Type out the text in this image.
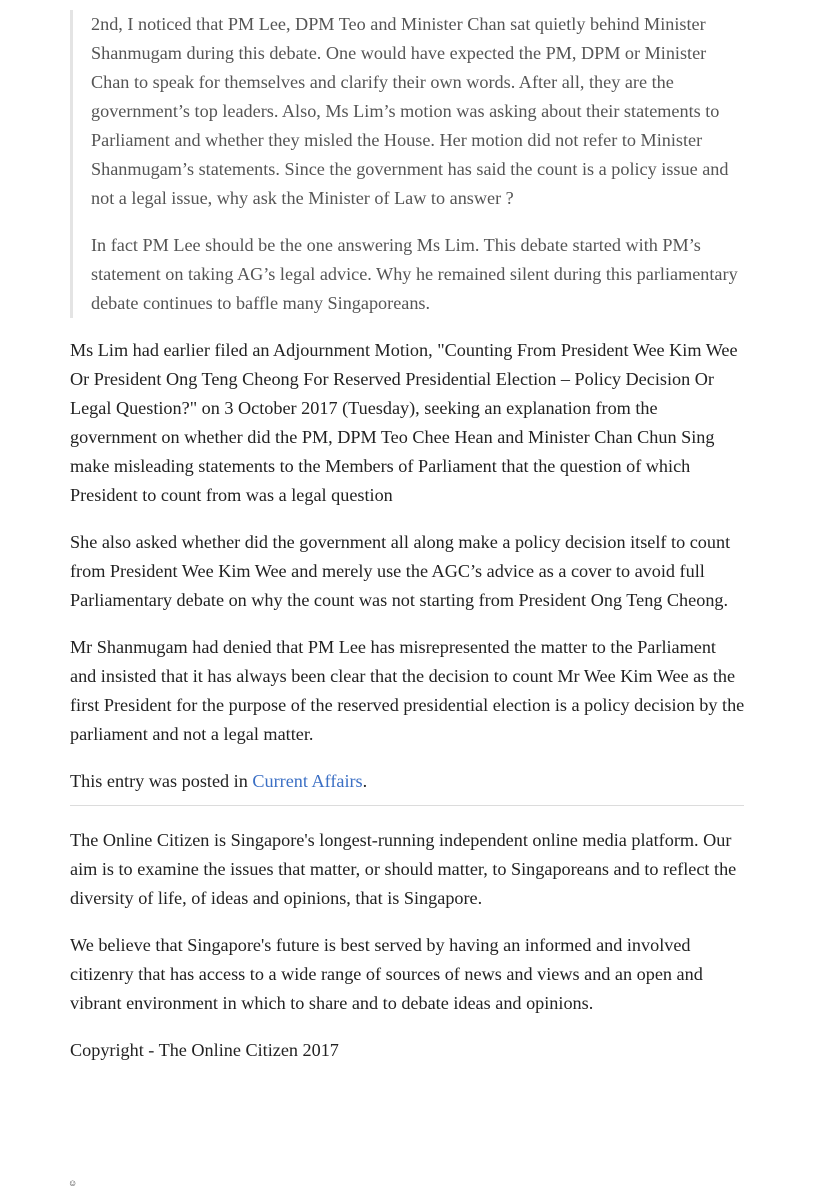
2nd, I noticed that PM Lee, DPM Teo and Minister Chan sat quietly behind Minister Shanmugam during this debate. One would have expected the PM, DPM or Minister Chan to speak for themselves and clarify their own words. After all, they are the government’s top leaders. Also, Ms Lim’s motion was asking about their statements to Parliament and whether they misled the House. Her motion did not refer to Minister Shanmugam’s statements. Since the government has said the count is a policy issue and not a legal issue, why ask the Minister of Law to answer ?

In fact PM Lee should be the one answering Ms Lim. This debate started with PM’s statement on taking AG’s legal advice. Why he remained silent during this parliamentary debate continues to baffle many Singaporeans.

Ms Lim had earlier filed an Adjournment Motion, "Counting From President Wee Kim Wee Or President Ong Teng Cheong For Reserved Presidential Election – Policy Decision Or Legal Question?" on 3 October 2017 (Tuesday), seeking an explanation from the government on whether did the PM, DPM Teo Chee Hean and Minister Chan Chun Sing make misleading statements to the Members of Parliament that the question of which President to count from was a legal question

She also asked whether did the government all along make a policy decision itself to count from President Wee Kim Wee and merely use the AGC’s advice as a cover to avoid full Parliamentary debate on why the count was not starting from President Ong Teng Cheong.

Mr Shanmugam had denied that PM Lee has misrepresented the matter to the Parliament and insisted that it has always been clear that the decision to count Mr Wee Kim Wee as the first President for the purpose of the reserved presidential election is a policy decision by the parliament and not a legal matter.

This entry was posted in Current Affairs.

The Online Citizen is Singapore's longest-running independent online media platform. Our aim is to examine the issues that matter, or should matter, to Singaporeans and to reflect the diversity of life, of ideas and opinions, that is Singapore.

We believe that Singapore's future is best served by having an informed and involved citizenry that has access to a wide range of sources of news and views and an open and vibrant environment in which to share and to debate ideas and opinions.

Copyright - The Online Citizen 2017

☺
